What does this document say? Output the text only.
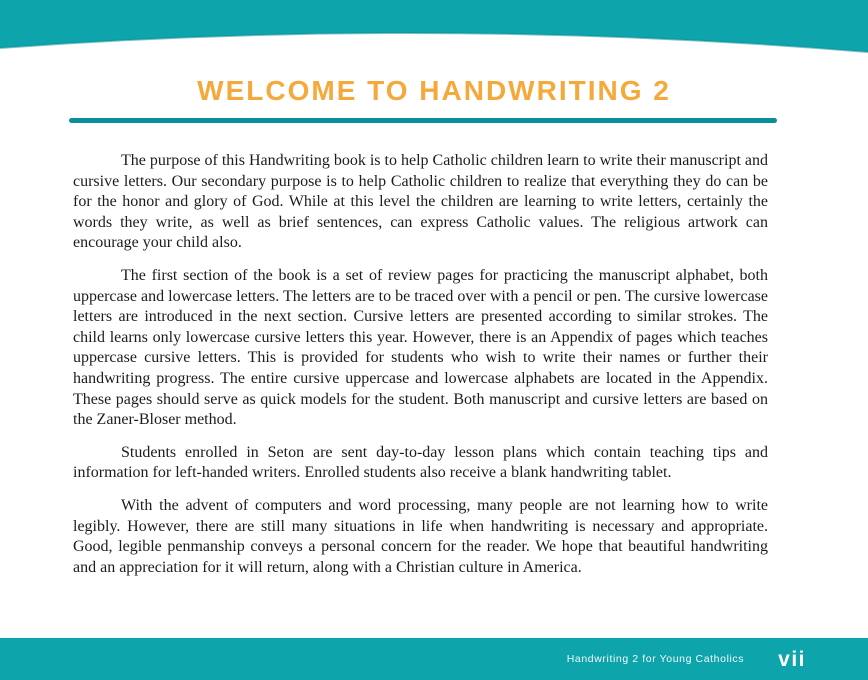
WELCOME TO HANDWRITING 2

The purpose of this Handwriting book is to help Catholic children learn to write their manuscript and cursive letters. Our secondary purpose is to help Catholic children to realize that everything they do can be for the honor and glory of God. While at this level the children are learning to write letters, certainly the words they write, as well as brief sentences, can express Catholic values. The religious artwork can encourage your child also.

The first section of the book is a set of review pages for practicing the manuscript alphabet, both uppercase and lowercase letters. The letters are to be traced over with a pencil or pen. The cursive lowercase letters are introduced in the next section. Cursive letters are presented according to similar strokes. The child learns only lowercase cursive letters this year. However, there is an Appendix of pages which teaches uppercase cursive letters. This is provided for students who wish to write their names or further their handwriting progress. The entire cursive uppercase and lowercase alphabets are located in the Appendix. These pages should serve as quick models for the student. Both manuscript and cursive letters are based on the Zaner-Bloser method.

Students enrolled in Seton are sent day-to-day lesson plans which contain teaching tips and information for left-handed writers. Enrolled students also receive a blank handwriting tablet.

With the advent of computers and word processing, many people are not learning how to write legibly. However, there are still many situations in life when handwriting is necessary and appropriate. Good, legible penmanship conveys a personal concern for the reader. We hope that beautiful handwriting and an appreciation for it will return, along with a Christian culture in America.

Handwriting 2 for Young Catholics vii
